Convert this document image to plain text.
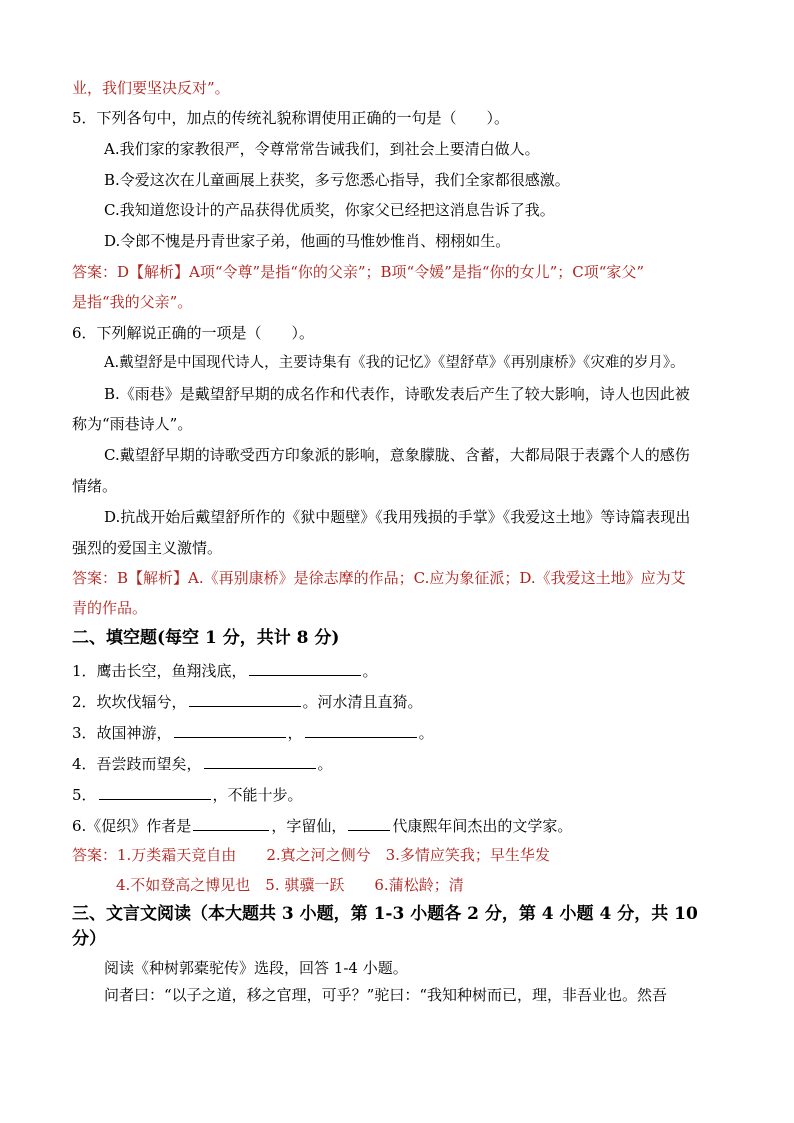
业，我们要坚决反对”。
5．下列各句中，加点的传统礼貌称谓使用正确的一句是（　　）。
A.我们家的家教很严，令尊常常告诫我们，到社会上要清白做人。
B.令爱这次在儿童画展上获奖，多亏您悉心指导，我们全家都很感激。
C.我知道您设计的产品获得优质奖，你家父已经把这消息告诉了我。
D.令郎不愧是丹青世家子弟，他画的马惟妙惟肖、栩栩如生。
答案：D【解析】A项“令尊”是指“你的父亲”；B项“令媛”是指“你的女儿”；C项“家父”
是指“我的父亲”。
6．下列解说正确的一项是（　　）。
A.戴望舒是中国现代诗人，主要诗集有《我的记忆》《望舒草》《再别康桥》《灾难的岁月》。
B.《雨巷》是戴望舒早期的成名作和代表作，诗歌发表后产生了较大影响，诗人也因此被
称为“雨巷诗人”。
C.戴望舒早期的诗歌受西方印象派的影响，意象朦胧、含蓄，大都局限于表露个人的感伤
情绪。
D.抗战开始后戴望舒所作的《狱中题壁》《我用残损的手掌》《我爱这土地》等诗篇表现出
强烈的爱国主义激情。
答案：B【解析】A.《再别康桥》是徐志摩的作品；C.应为象征派；D.《我爱这土地》应为艾
青的作品。
二、填空题(每空 1 分，共计 8 分)
1．鹰击长空，鱼翔浅底，	。
2．坎坎伐辐兮，	。河水清且直猗。
3．故国神游，	，	。
4．吾尝跂而望矣，	。
5．	，不能十步。
6.《促织》作者是	，字留仙，	代康熙年间杰出的文学家。
答案：1.万类霜天竞自由　　2.寘之河之侧兮　3.多情应笑我；早生华发
4.不如登高之博见也　5. 骐骥一跃　　6.蒲松龄；清
三、文言文阅读（本大题共 3 小题，第 1-3 小题各 2 分，第 4 小题 4 分，共 10
分）
阅读《种树郭橐驼传》选段，回答 1-4 小题。
问者曰：“以子之道，移之官理，可乎？”驼曰：“我知种树而已，理，非吾业也。然吾
